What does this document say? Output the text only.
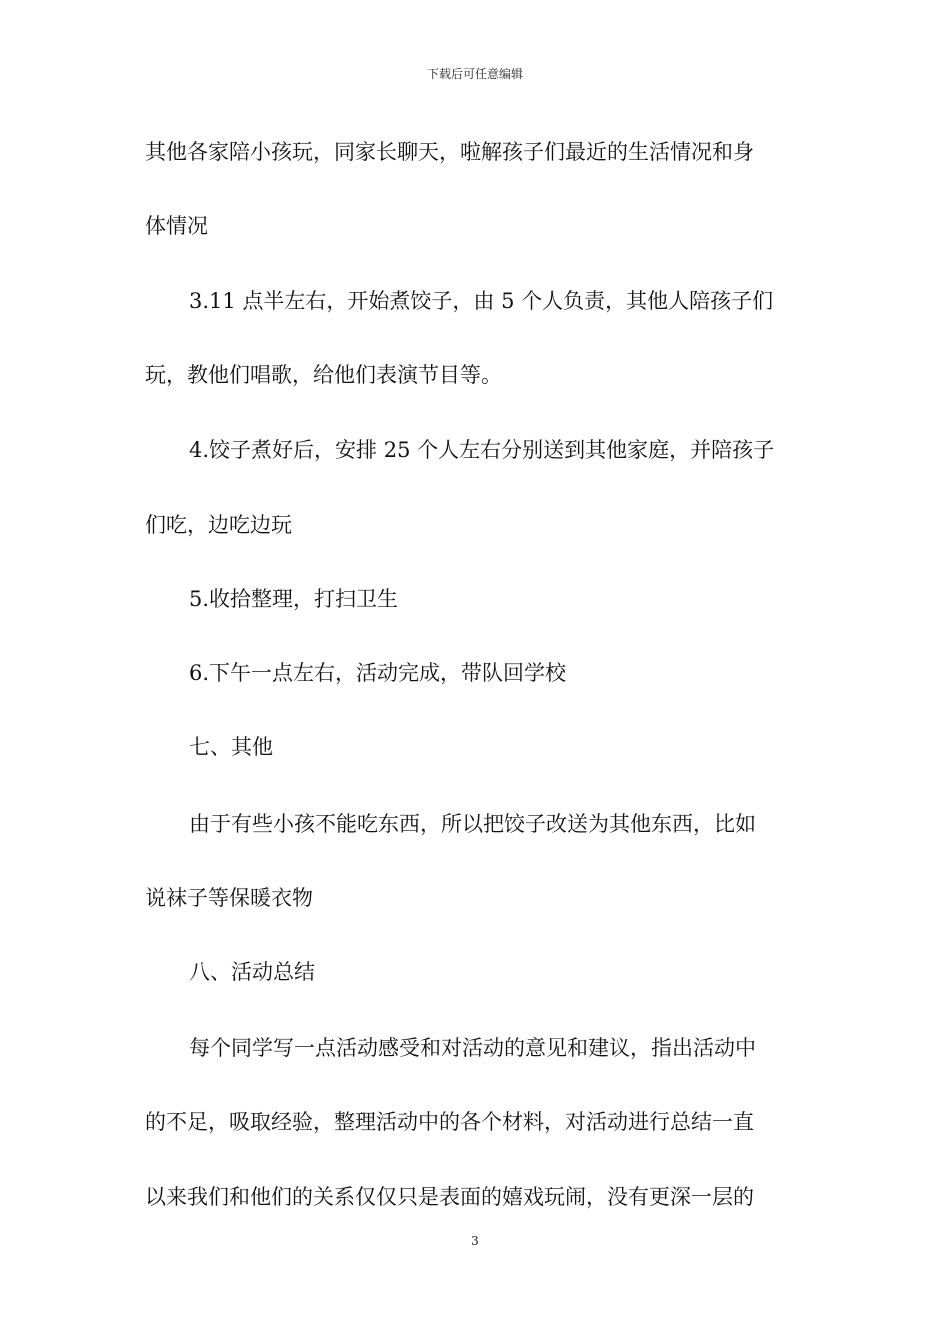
下载后可任意编辑
其他各家陪小孩玩，同家长聊天，啦解孩子们最近的生活情况和身
体情况
3.11 点半左右，开始煮饺子，由 5 个人负责，其他人陪孩子们
玩，教他们唱歌，给他们表演节目等。
4.饺子煮好后，安排 25 个人左右分别送到其他家庭，并陪孩子
们吃，边吃边玩
5.收拾整理，打扫卫生
6.下午一点左右，活动完成，带队回学校
七、其他
由于有些小孩不能吃东西，所以把饺子改送为其他东西，比如
说袜子等保暖衣物
八、活动总结
每个同学写一点活动感受和对活动的意见和建议，指出活动中
的不足，吸取经验，整理活动中的各个材料，对活动进行总结一直
以来我们和他们的关系仅仅只是表面的嬉戏玩闹，没有更深一层的
3
